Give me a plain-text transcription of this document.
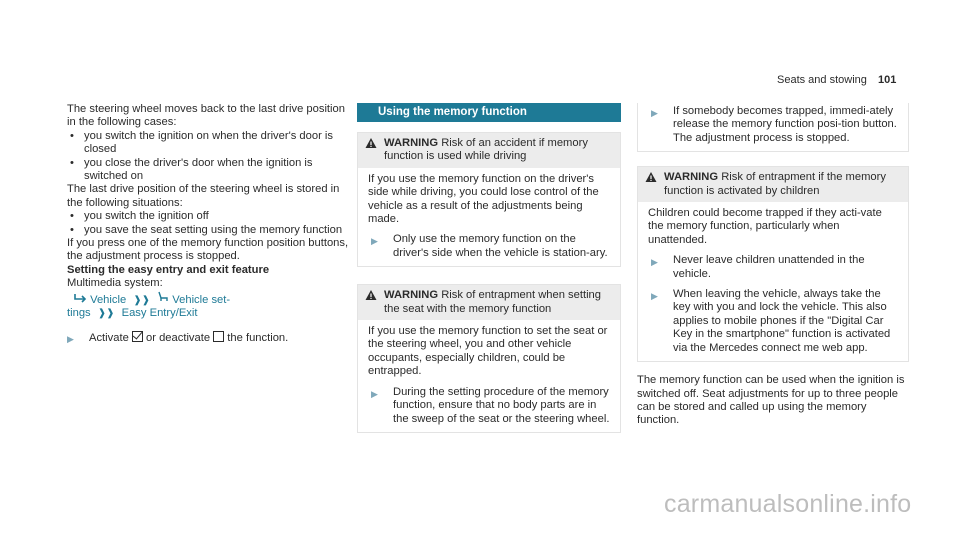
Seats and stowing 101

The steering wheel moves back to the last drive position in the following cases:

• you switch the ignition on when the driver's door is closed
• you close the driver's door when the ignition is switched on

The last drive position of the steering wheel is stored in the following situations:

• you switch the ignition off
• you save the seat setting using the memory function

If you press one of the memory function position buttons, the adjustment process is stopped.

Setting the easy entry and exit feature

Multimedia system:

Vehicle ❱❱ Vehicle set-
tings ❱❱ Easy Entry/Exit
▶ Activate or deactivate the function.
Using the memory function
WARNING Risk of an accident if memory function is used while driving

If you use the memory function on the driver's side while driving, you could lose control of the vehicle as a result of the adjustments being made.

▶ Only use the memory function on the driver's side when the vehicle is station-ary.
WARNING Risk of entrapment when setting the seat with the memory function

If you use the memory function to set the seat or the steering wheel, you and other vehicle occupants, especially children, could be entrapped.

▶ During the setting procedure of the memory function, ensure that no body parts are in the sweep of the seat or the steering wheel.
▶ If somebody becomes trapped, immedi-ately release the memory function posi-tion button.
The adjustment process is stopped.
WARNING Risk of entrapment if the memory function is activated by children

Children could become trapped if they acti-vate the memory function, particularly when unattended.

▶ Never leave children unattended in the vehicle.
▶ When leaving the vehicle, always take the key with you and lock the vehicle. This also applies to mobile phones if the "Digital Car Key in the smartphone" function is activated via the Mercedes connect me web app.

The memory function can be used when the ignition is switched off. Seat adjustments for up to three people can be stored and called up using the memory function.

carmanualsonline.info
